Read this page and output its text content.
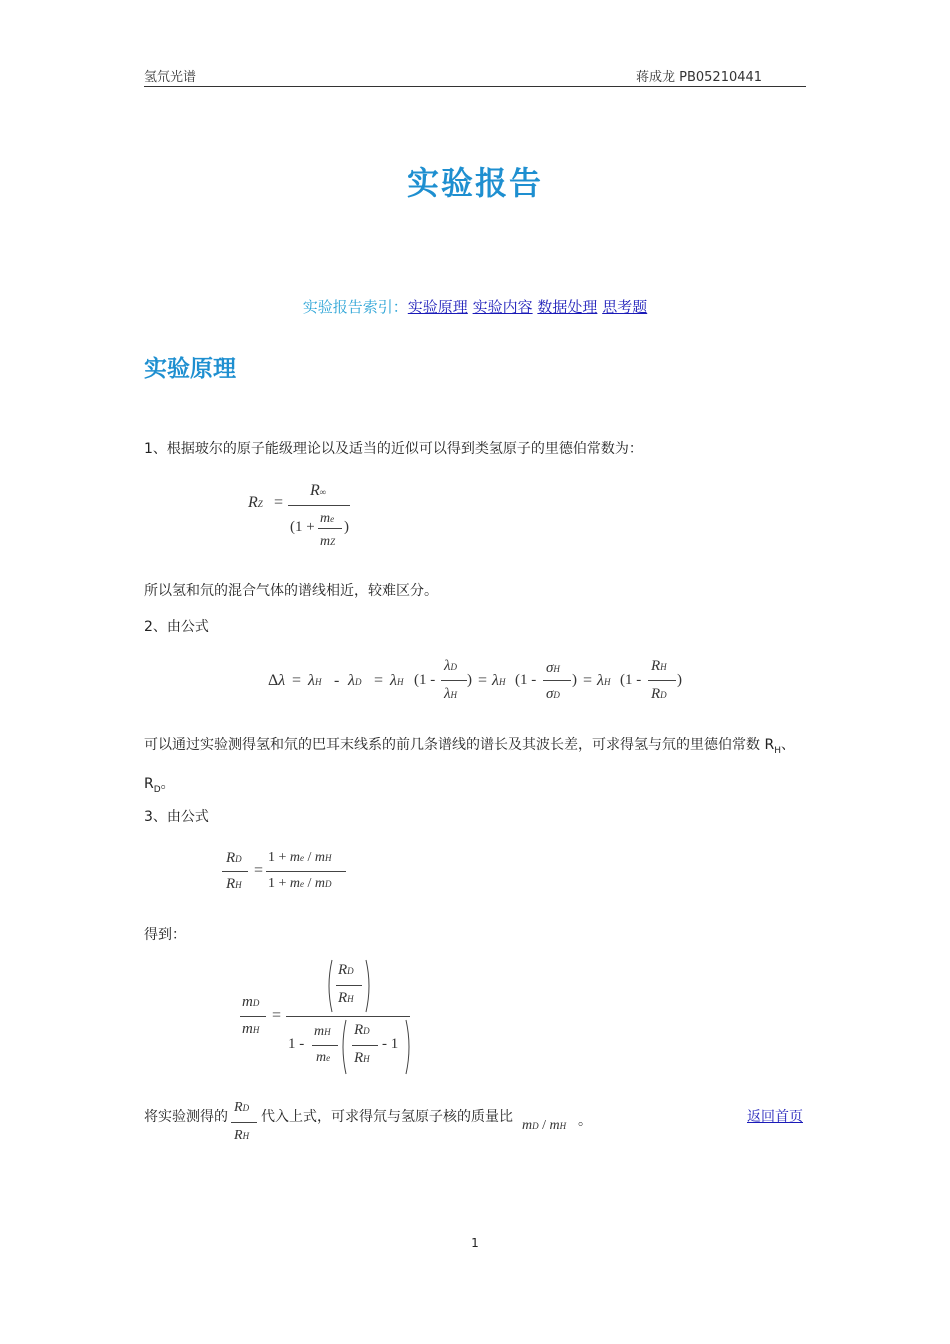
氢氘光谱	蒋成龙 PB05210441
实验报告
实验报告索引：实验原理 实验内容 数据处理 思考题
实验原理
1、根据玻尔的原子能级理论以及适当的近似可以得到类氢原子的里德伯常数为：
RZ =
R∞
(1 +
me
mZ
)
所以氢和氘的混合气体的谱线相近，较难区分。
2、由公式
Δλ = λH - λD = λH (1 -
λD
λH
) = λH (1 -
σH
σD
) = λH (1 -
RH
RD
)
可以通过实验测得氢和氘的巴耳末线系的前几条谱线的谱长及其波长差，可求得氢与氘的里德伯常数 $R_H$、
$R_D$。
3、由公式
RD
RH
=
1 + me / mH
1 + me / mD
得到：
mD
mH
=
RD
RH
1 -
mH
me
RD
RH
- 1
将实验测得的
RD
RH
代入上式，可求得氘与氢原子核的质量比
mD / mH 。	返回首页
1
